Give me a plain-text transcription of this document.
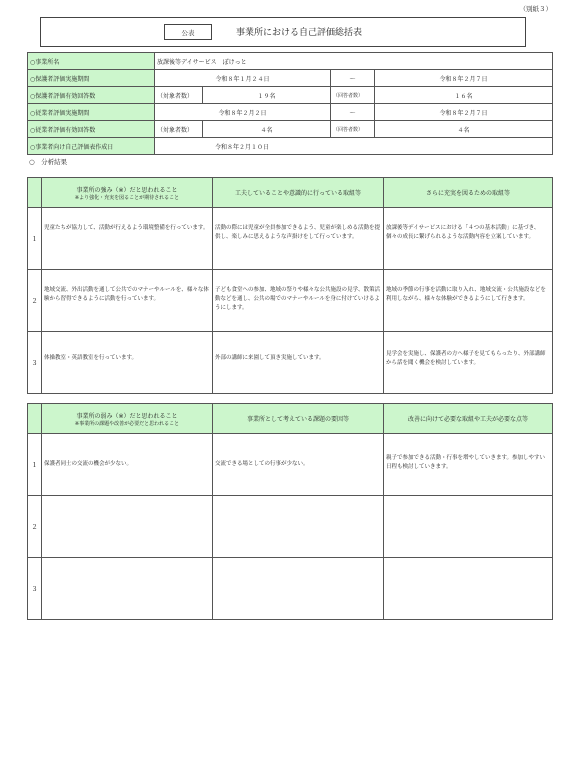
（別紙３）
公表	事業所における自己評価総括表
○事業所名	放課後等デイサービス　ぽけっと			
○保護者評価実施期間	令和８年１月２４日		～	令和８年２月７日
○保護者評価有効回答数	（対象者数）	１９名	（回答者数）	１６名
○従業者評価実施期間	令和８年２月２日		～	令和８年２月７日
○従業者評価有効回答数	（対象者数）	４名	（回答者数）	４名
○事業者向け自己評価表作成日	令和８年２月１０日			
○　分析結果
	事業所の強み（※）だと思われること
※より強化・充実を図ることが期待されること	工夫していることや意識的に行っている取組等	さらに充実を図るための取組等
１	児童たちが協力して、活動が行えるよう環境整備を行っています。	活動の際には児童が全員参加できるよう、児童が楽しめる活動を提供し、楽しみに思えるような声掛けをして行っています。	放課後等デイサービスにおける「４つの基本活動」に基づき、個々の成長に繋げられるような活動内容を立案しています。

２	地域交流、外出活動を通して公共でのマナーやルールを、様々な体験から習得できるように活動を行っています。	子ども食堂への参加、地域の祭りや様々な公共施設の見学、散策活動などを通し、公共の場でのマナーやルールを身に付けていけるようにします。	地域の季節の行事を活動に取り入れ、地域交流・公共施設などを利用しながら、様々な体験ができるようにして行きます。

３	体操教室・英語教室を行っています。	外部の講師に来園して頂き実施しています。	見学会を実施し、保護者の方へ様子を見てもらったり、外部講師から話を聞く機会を検討しています。
	事業所の弱み（※）だと思われること
※事業所の課題や改善が必要だと思われること	事業所として考えている課題の要因等	改善に向けて必要な取組や工夫が必要な点等
１	保護者同士の交流の機会が少ない。	交流できる場としての行事が少ない。	親子で参加できる活動・行事を増やしていきます。参加しやすい日程も検討していきます。

２			
３			
